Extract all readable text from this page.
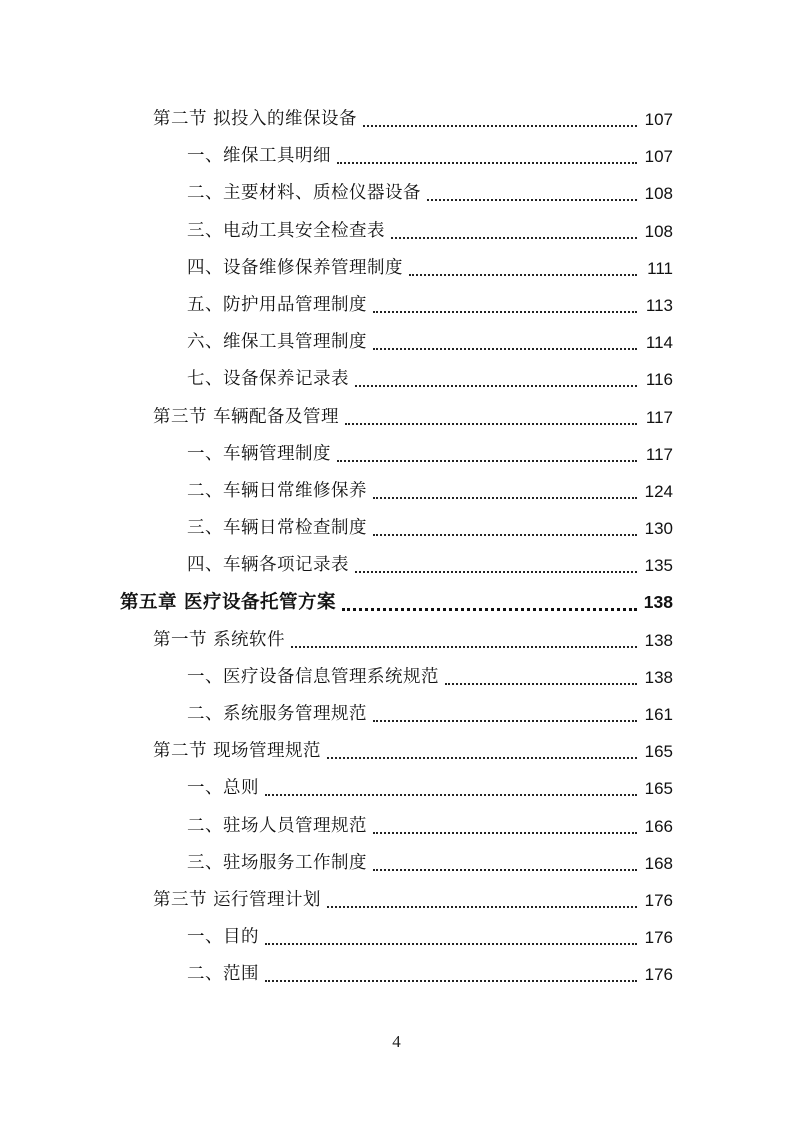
第二节 拟投入的维保设备	107
一、维保工具明细	107
二、主要材料、质检仪器设备	108
三、电动工具安全检查表	108
四、设备维修保养管理制度	111
五、防护用品管理制度	113
六、维保工具管理制度	114
七、设备保养记录表	116
第三节 车辆配备及管理	117
一、车辆管理制度	117
二、车辆日常维修保养	124
三、车辆日常检查制度	130
四、车辆各项记录表	135
第五章 医疗设备托管方案	138
第一节 系统软件	138
一、医疗设备信息管理系统规范	138
二、系统服务管理规范	161
第二节 现场管理规范	165
一、总则	165
二、驻场人员管理规范	166
三、驻场服务工作制度	168
第三节 运行管理计划	176
一、目的	176
二、范围	176
4
